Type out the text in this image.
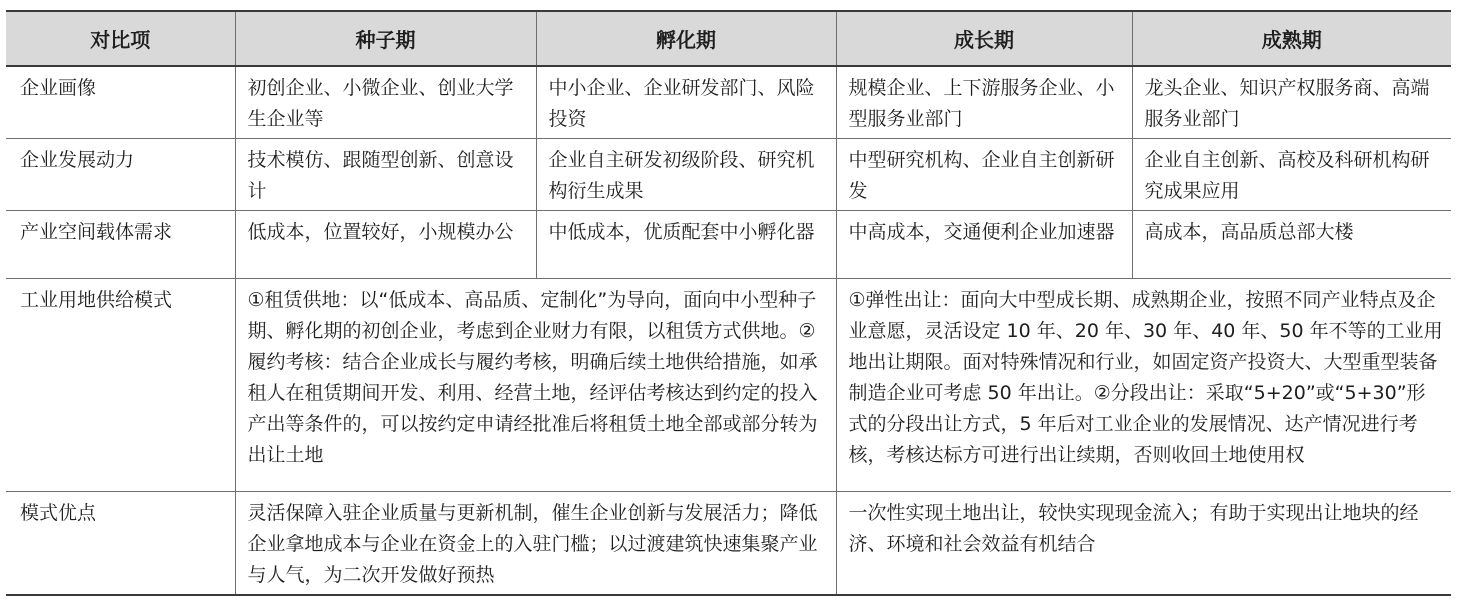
对比项	种子期	孵化期	成长期	成熟期
企业画像	初创企业、小微企业、创业大学生企业等	中小企业、企业研发部门、风险投资	规模企业、上下游服务企业、小型服务业部门	龙头企业、知识产权服务商、高端服务业部门
企业发展动力	技术模仿、跟随型创新、创意设计	企业自主研发初级阶段、研究机构衍生成果	中型研究机构、企业自主创新研发	企业自主创新、高校及科研机构研究成果应用
产业空间载体需求	低成本，位置较好，小规模办公	中低成本，优质配套中小孵化器	中高成本，交通便利企业加速器	高成本，高品质总部大楼
工业用地供给模式	①租赁供地：以“低成本、高品质、定制化”为导向，面向中小型种子期、孵化期的初创企业，考虑到企业财力有限，以租赁方式供地。②履约考核：结合企业成长与履约考核，明确后续土地供给措施，如承租人在租赁期间开发、利用、经营土地，经评估考核达到约定的投入产出等条件的，可以按约定申请经批准后将租赁土地全部或部分转为出让土地		①弹性出让：面向大中型成长期、成熟期企业，按照不同产业特点及企业意愿，灵活设定 10 年、20 年、30 年、40 年、50 年不等的工业用地出让期限。面对特殊情况和行业，如固定资产投资大、大型重型装备制造企业可考虑 50 年出让。②分段出让：采取“5+20”或“5+30”形式的分段出让方式，5 年后对工业企业的发展情况、达产情况进行考核，考核达标方可进行出让续期，否则收回土地使用权	
模式优点	灵活保障入驻企业质量与更新机制，催生企业创新与发展活力；降低企业拿地成本与企业在资金上的入驻门槛；以过渡建筑快速集聚产业与人气，为二次开发做好预热		一次性实现土地出让，较快实现现金流入；有助于实现出让地块的经济、环境和社会效益有机结合	
